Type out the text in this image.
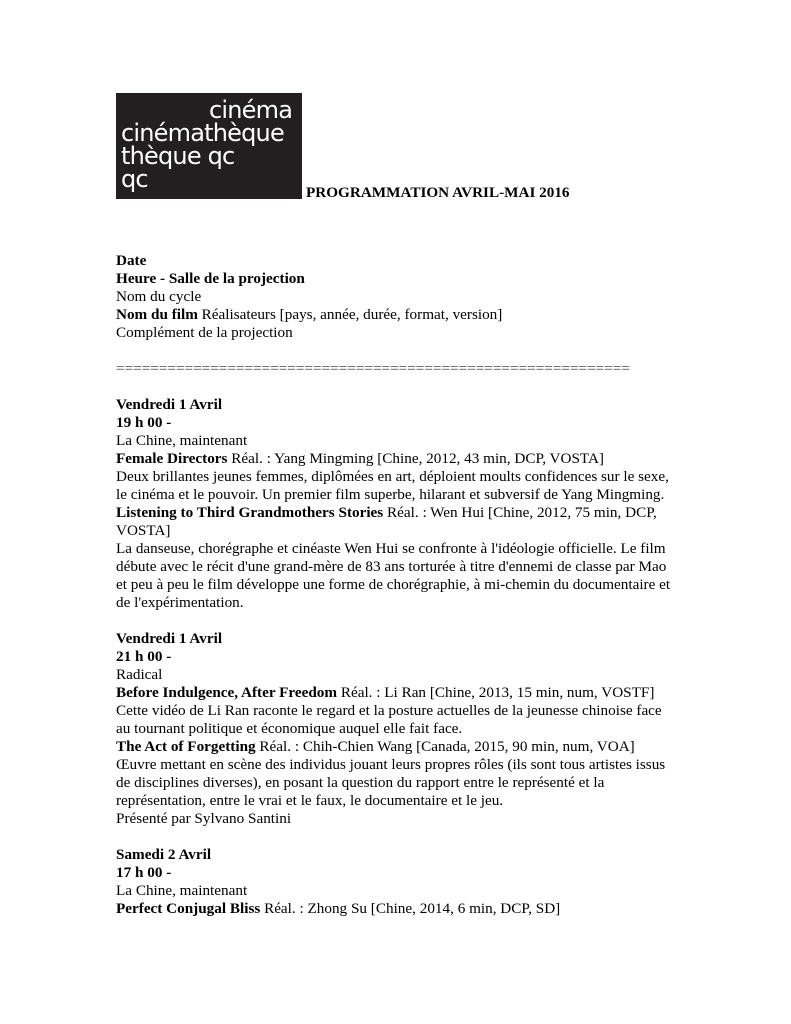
cinéma
cinémathèque
thèque qc
qc	PROGRAMMATION AVRIL-MAI 2016
Date
Heure - Salle de la projection
Nom du cycle
Nom du film Réalisateurs [pays, année, durée, format, version]
Complément de la projection
============================================================
Vendredi 1 Avril
19 h 00 -
La Chine, maintenant
Female Directors Réal. : Yang Mingming [Chine, 2012, 43 min, DCP, VOSTA]
Deux brillantes jeunes femmes, diplômées en art, déploient moults confidences sur le sexe, le cinéma et le pouvoir. Un premier film superbe, hilarant et subversif de Yang Mingming.
Listening to Third Grandmothers Stories Réal. : Wen Hui [Chine, 2012, 75 min, DCP, VOSTA]
La danseuse, chorégraphe et cinéaste Wen Hui se confronte à l'idéologie officielle. Le film débute avec le récit d'une grand-mère de 83 ans torturée à titre d'ennemi de classe par Mao et peu à peu le film développe une forme de chorégraphie, à mi-chemin du documentaire et de l'expérimentation.
Vendredi 1 Avril
21 h 00 -
Radical
Before Indulgence, After Freedom Réal. : Li Ran [Chine, 2013, 15 min, num, VOSTF]
Cette vidéo de Li Ran raconte le regard et la posture actuelles de la jeunesse chinoise face au tournant politique et économique auquel elle fait face.
The Act of Forgetting Réal. : Chih-Chien Wang [Canada, 2015, 90 min, num, VOA]
Œuvre mettant en scène des individus jouant leurs propres rôles (ils sont tous artistes issus de disciplines diverses), en posant la question du rapport entre le représenté et la représentation, entre le vrai et le faux, le documentaire et le jeu.
Présenté par Sylvano Santini
Samedi 2 Avril
17 h 00 -
La Chine, maintenant
Perfect Conjugal Bliss Réal. : Zhong Su [Chine, 2014, 6 min, DCP, SD]
